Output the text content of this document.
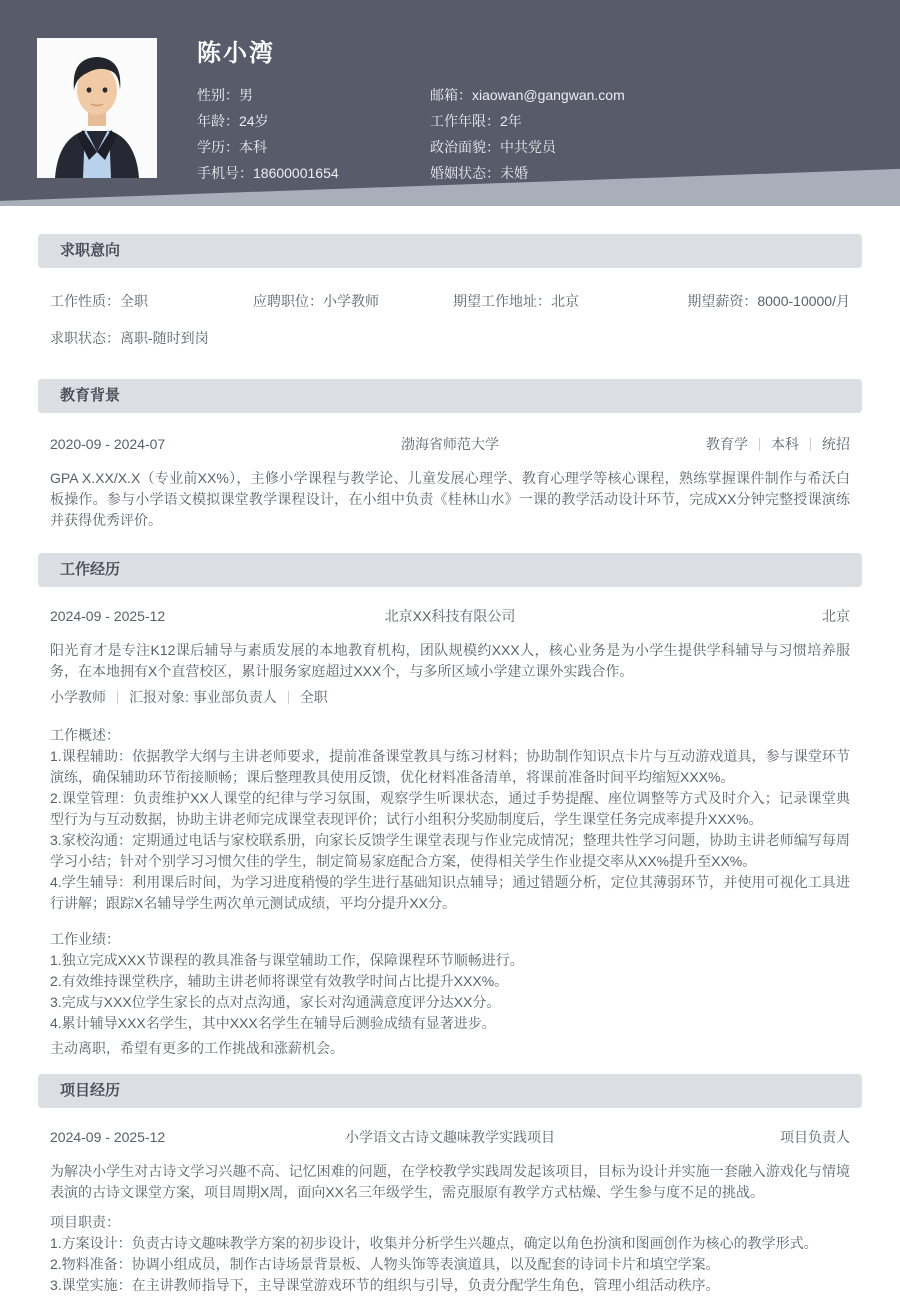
陈小湾
性别：男
年龄：24岁
学历：本科
手机号：18600001654
邮箱：xiaowan@gangwan.com
工作年限：2年
政治面貌：中共党员
婚姻状态：未婚
求职意向
工作性质：全职	应聘职位：小学教师	期望工作地址：北京	期望薪资：8000-10000/月
求职状态：离职-随时到岗
教育背景
2020-09 - 2024-07	渤海省师范大学	教育学 本科 统招

GPA X.XX/X.X（专业前XX%），主修小学课程与教学论、儿童发展心理学、教育心理学等核心课程，熟练掌握课件制作与希沃白板操作。参与小学语文模拟课堂教学课程设计，在小组中负责《桂林山水》一课的教学活动设计环节，完成XX分钟完整授课演练并获得优秀评价。

工作经历
2024-09 - 2025-12	北京XX科技有限公司	北京

阳光育才是专注K12课后辅导与素质发展的本地教育机构，团队规模约XXX人，核心业务是为小学生提供学科辅导与习惯培养服务，在本地拥有X个直营校区，累计服务家庭超过XXX个，与多所区域小学建立课外实践合作。

小学教师 汇报对象: 事业部负责人 全职
工作概述：
1.课程辅助：依据教学大纲与主讲老师要求，提前准备课堂教具与练习材料；协助制作知识点卡片与互动游戏道具，参与课堂环节演练，确保辅助环节衔接顺畅；课后整理教具使用反馈，优化材料准备清单，将课前准备时间平均缩短XXX%。
2.课堂管理：负责维护XX人课堂的纪律与学习氛围，观察学生听课状态，通过手势提醒、座位调整等方式及时介入；记录课堂典型行为与互动数据，协助主讲老师完成课堂表现评价；试行小组积分奖励制度后，学生课堂任务完成率提升XXX%。
3.家校沟通：定期通过电话与家校联系册，向家长反馈学生课堂表现与作业完成情况；整理共性学习问题，协助主讲老师编写每周学习小结；针对个别学习习惯欠佳的学生，制定简易家庭配合方案，使得相关学生作业提交率从XX%提升至XX%。
4.学生辅导：利用课后时间，为学习进度稍慢的学生进行基础知识点辅导；通过错题分析，定位其薄弱环节，并使用可视化工具进行讲解；跟踪X名辅导学生两次单元测试成绩，平均分提升XX分。
工作业绩：
1.独立完成XXX节课程的教具准备与课堂辅助工作，保障课程环节顺畅进行。
2.有效维持课堂秩序，辅助主讲老师将课堂有效教学时间占比提升XXX%。
3.完成与XXX位学生家长的点对点沟通，家长对沟通满意度评分达XX分。
4.累计辅导XXX名学生，其中XXX名学生在辅导后测验成绩有显著进步。

主动离职，希望有更多的工作挑战和涨薪机会。

项目经历
2024-09 - 2025-12	小学语文古诗文趣味教学实践项目	项目负责人

为解决小学生对古诗文学习兴趣不高、记忆困难的问题，在学校教学实践周发起该项目，目标为设计并实施一套融入游戏化与情境表演的古诗文课堂方案，项目周期X周，面向XX名三年级学生，需克服原有教学方式枯燥、学生参与度不足的挑战。

项目职责：
1.方案设计：负责古诗文趣味教学方案的初步设计，收集并分析学生兴趣点，确定以角色扮演和图画创作为核心的教学形式。
2.物料准备：协调小组成员，制作古诗场景背景板、人物头饰等表演道具，以及配套的诗词卡片和填空学案。
3.课堂实施：在主讲教师指导下，主导课堂游戏环节的组织与引导，负责分配学生角色，管理小组活动秩序。
